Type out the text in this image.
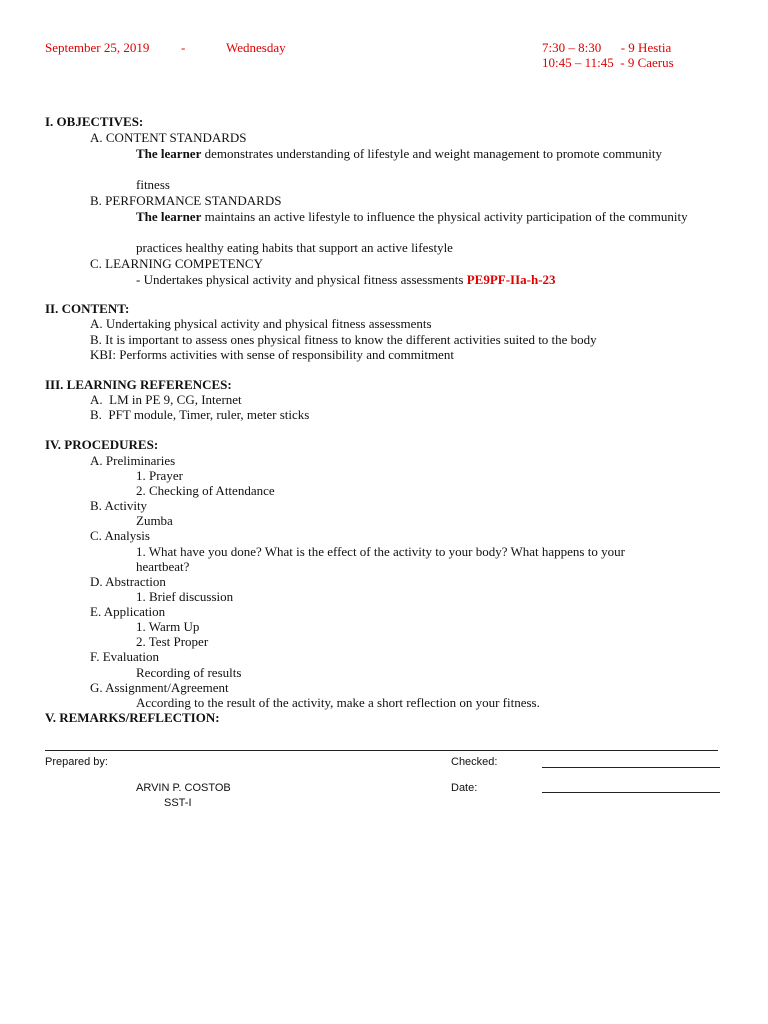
September 25, 2019 -	Wednesday	7:30 – 8:30      - 9 Hestia
10:45 – 11:45  - 9 Caerus
I. OBJECTIVES:
A. CONTENT STANDARDS
The learner demonstrates understanding of lifestyle and weight management to promote community
fitness
B. PERFORMANCE STANDARDS
The learner maintains an active lifestyle to influence the physical activity participation of the community
practices healthy eating habits that support an active lifestyle
C. LEARNING COMPETENCY
- Undertakes physical activity and physical fitness assessments PE9PF-IIa-h-23
II. CONTENT:
A. Undertaking physical activity and physical fitness assessments
B. It is important to assess ones physical fitness to know the different activities suited to the body
KBI: Performs activities with sense of responsibility and commitment
III. LEARNING REFERENCES:
A.  LM in PE 9, CG, Internet
B.  PFT module, Timer, ruler, meter sticks
IV. PROCEDURES:
A. Preliminaries
1. Prayer
2. Checking of Attendance
B. Activity
Zumba
C. Analysis
1. What have you done? What is the effect of the activity to your body? What happens to your
heartbeat?
D. Abstraction
1. Brief discussion
E. Application
1. Warm Up
2. Test Proper
F. Evaluation
Recording of results
G. Assignment/Agreement
According to the result of the activity, make a short reflection on your fitness.
V. REMARKS/REFLECTION:
Prepared by:	Checked:
ARVIN P. COSTOB	Date:
SST-I
